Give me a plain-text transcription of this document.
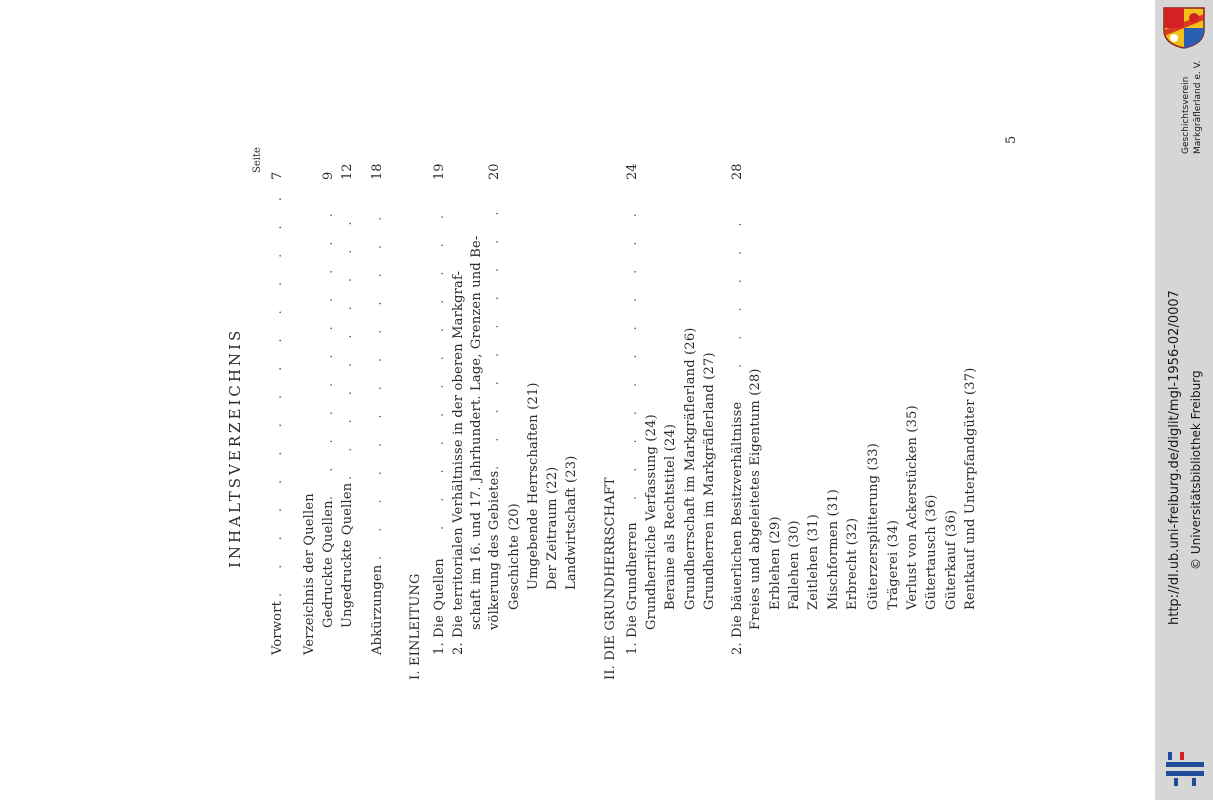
INHALTSVERZEICHNIS
Seite
Vorwort
. . . . . . . . . . . . . . .
7
Verzeichnis der Quellen Gedruckte Quellen
. . . . . . . . . . .
9
Ungedruckte Quellen
. . . . . . . . . .
12
Abkürzungen
. . . . . . . . . . . . .
18
I. EINLEITUNG 1. Die Quellen
. . . . . . . . . . . .
19
2. Die territorialen Verhältnisse in der oberen Markgraf- schaft im 16. und 17. Jahrhundert. Lage, Grenzen und Be- völkerung des Gebietes
. . . . . . . . . .
20
Geschichte (20) Umgebende Herrschaften (21) Der Zeitraum (22) Landwirtschaft (23) II. DIE GRUNDHERRSCHAFT 1. Die Grundherren
. . . . . . . . . . .
24
Grundherrliche Verfassung (24) Beraine als Rechtstitel (24) Grundherrschaft im Markgräflerland (26) Grundherren im Markgräflerland (27) 2. Die bäuerlichen Besitzverhältnisse
. . . . . .
28
Freies und abgeleitetes Eigentum (28) Erblehen (29) Fallehen (30) Zeitlehen (31) Mischformen (31) Erbrecht (32) Güterzersplitterung (33) Trägerei (34) Verlust von Ackerstücken (35) Gütertausch (36) Güterkauf (36) Rentkauf und Unterpfandgüter (37)
5
http://dl.ub.uni-freiburg.de/diglit/mgl-1956-02/0007 © Universitätsbibliothek Freiburg
Geschichtsverein Markgräflerland e. V.
